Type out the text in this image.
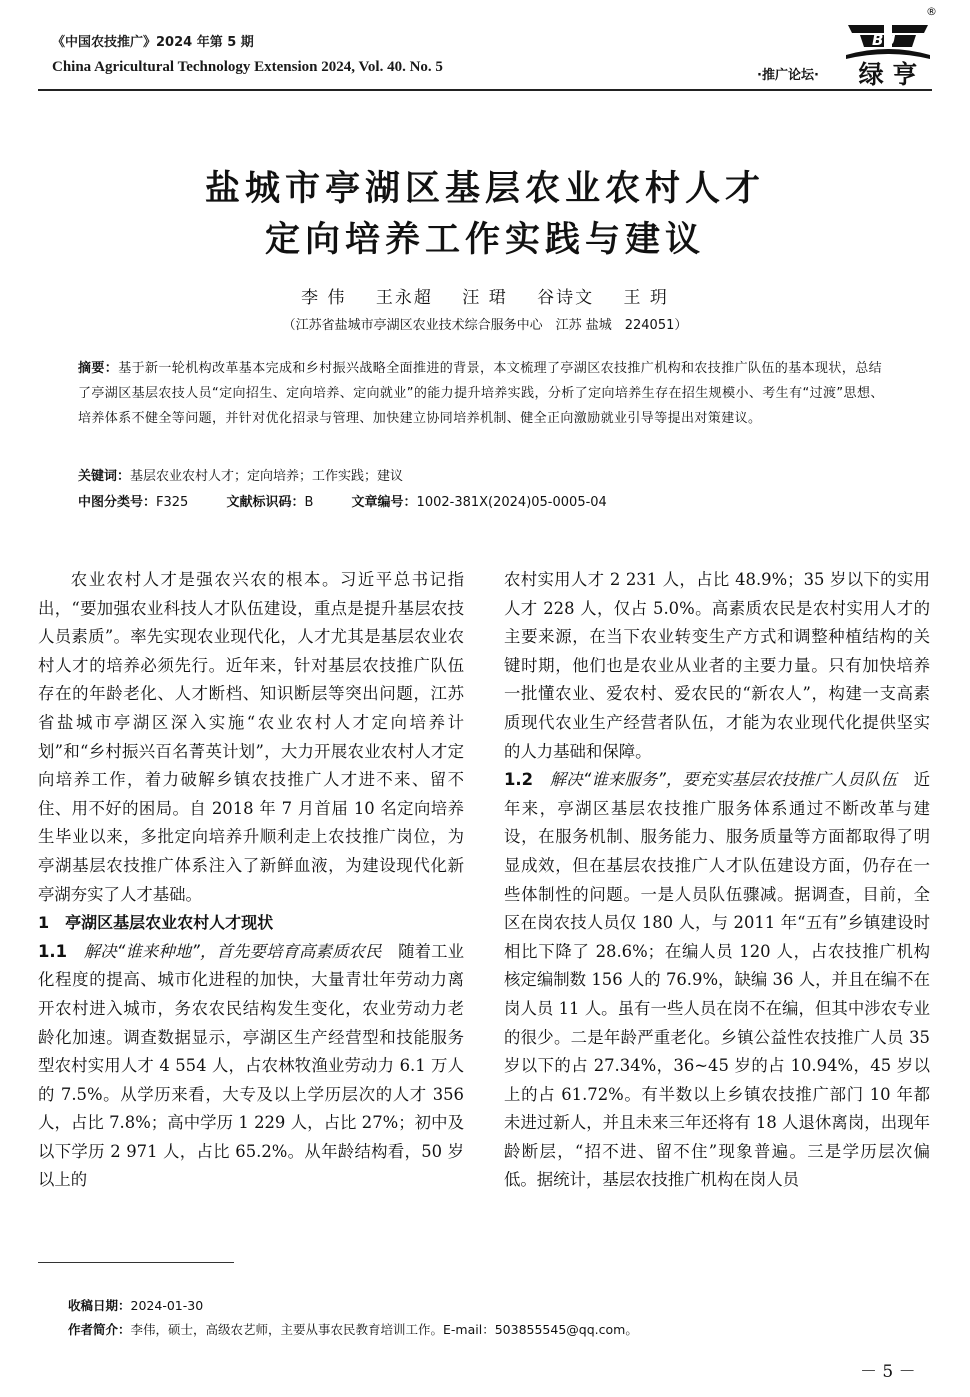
《中国农技推广》2024 年第 5 期
China Agricultural Technology Extension 2024, Vol. 40. No. 5
·推广论坛·
®
BU
绿 亨
盐城市亭湖区基层农业农村人才
定向培养工作实践与建议
李 伟 王永超 汪 珺 谷诗文 王 玥
（江苏省盐城市亭湖区农业技术综合服务中心　江苏 盐城　224051）
摘要：基于新一轮机构改革基本完成和乡村振兴战略全面推进的背景，本文梳理了亭湖区农技推广机构和农技推广队伍的基本现状，总结了亭湖区基层农技人员“定向招生、定向培养、定向就业”的能力提升培养实践，分析了定向培养生存在招生规模小、考生有“过渡”思想、培养体系不健全等问题，并针对优化招录与管理、加快建立协同培养机制、健全正向激励就业引导等提出对策建议。
关键词：基层农业农村人才；定向培养；工作实践；建议
中图分类号：F325	文献标识码：B	文章编号：1002-381X(2024)05-0005-04

农业农村人才是强农兴农的根本。习近平总书记指出，“要加强农业科技人才队伍建设，重点是提升基层农技人员素质”。率先实现农业现代化，人才尤其是基层农业农村人才的培养必须先行。近年来，针对基层农技推广队伍存在的年龄老化、人才断档、知识断层等突出问题，江苏省盐城市亭湖区深入实施“农业农村人才定向培养计划”和“乡村振兴百名菁英计划”，大力开展农业农村人才定向培养工作，着力破解乡镇农技推广人才进不来、留不住、用不好的困局。自 2018 年 7 月首届 10 名定向培养生毕业以来，多批定向培养升顺利走上农技推广岗位，为亭湖基层农技推广体系注入了新鲜血液，为建设现代化新亭湖夯实了人才基础。

1　亭湖区基层农业农村人才现状

1.1　 解决“谁来种地”，首先要培育高素质农民　 随着工业化程度的提高、城市化进程的加快，大量青壮年劳动力离开农村进入城市，务农农民结构发生变化，农业劳动力老龄化加速。调查数据显示，亭湖区生产经营型和技能服务型农村实用人才 4 554 人，占农林牧渔业劳动力 6.1 万人的 7.5%。从学历来看，大专及以上学历层次的人才 356 人，占比 7.8%；高中学历 1 229 人，占比 27%；初中及以下学历 2 971 人，占比 65.2%。从年龄结构看，50 岁以上的

农村实用人才 2 231 人，占比 48.9%；35 岁以下的实用人才 228 人，仅占 5.0%。高素质农民是农村实用人才的主要来源，在当下农业转变生产方式和调整种植结构的关键时期，他们也是农业从业者的主要力量。只有加快培养一批懂农业、爱农村、爱农民的“新农人”，构建一支高素质现代农业生产经营者队伍，才能为农业现代化提供坚实的人力基础和保障。

1.2　 解决“谁来服务”，要充实基层农技推广人员队伍　 近年来，亭湖区基层农技推广服务体系通过不断改革与建设，在服务机制、服务能力、服务质量等方面都取得了明显成效，但在基层农技推广人才队伍建设方面，仍存在一些体制性的问题。一是人员队伍骤减。据调查，目前，全区在岗农技人员仅 180 人，与 2011 年“五有”乡镇建设时相比下降了 28.6%；在编人员 120 人，占农技推广机构核定编制数 156 人的 76.9%，缺编 36 人，并且在编不在岗人员 11 人。虽有一些人员在岗不在编，但其中涉农专业的很少。二是年龄严重老化。乡镇公益性农技推广人员 35 岁以下的占 27.34%，36~45 岁的占 10.94%，45 岁以上的占 61.72%。有半数以上乡镇农技推广部门 10 年都未进过新人，并且未来三年还将有 18 人退休离岗，出现年龄断层，“招不进、留不住”现象普遍。三是学历层次偏低。据统计，基层农技推广机构在岗人员

收稿日期：2024-01-30
作者简介：李伟，硕士，高级农艺师，主要从事农民教育培训工作。E-mail：503855545@qq.com。
－ 5 －
